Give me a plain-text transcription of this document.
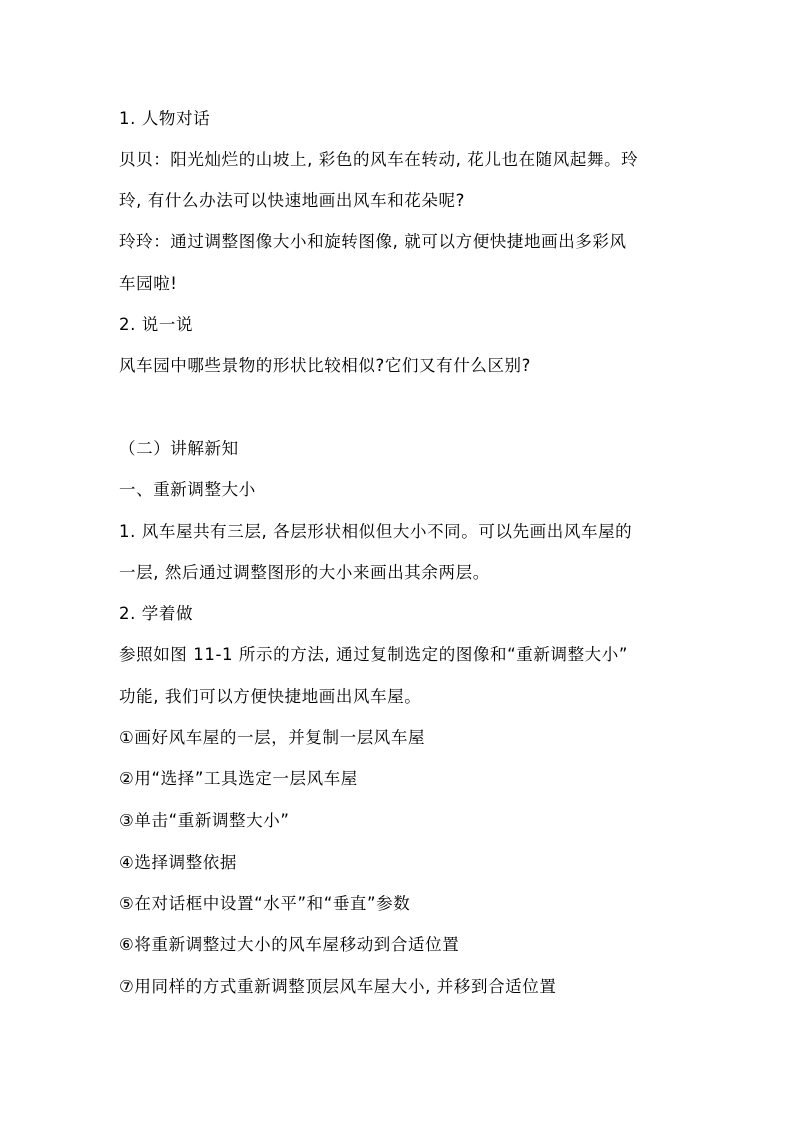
1. 人物对话
贝贝：阳光灿烂的山坡上, 彩色的风车在转动, 花儿也在随风起舞。玲
玲, 有什么办法可以快速地画出风车和花朵呢?
玲玲：通过调整图像大小和旋转图像, 就可以方便快捷地画出多彩风
车园啦!
2. 说一说
风车园中哪些景物的形状比较相似?它们又有什么区别?
（二）讲解新知
一、重新调整大小
1. 风车屋共有三层, 各层形状相似但大小不同。可以先画出风车屋的
一层, 然后通过调整图形的大小来画出其余两层。
2. 学着做
参照如图 11-1 所示的方法, 通过复制选定的图像和“重新调整大小”
功能, 我们可以方便快捷地画出风车屋。
①画好风车屋的一层，并复制一层风车屋
②用“选择”工具选定一层风车屋
③单击“重新调整大小”
④选择调整依据
⑤在对话框中设置“水平”和“垂直”参数
⑥将重新调整过大小的风车屋移动到合适位置
⑦用同样的方式重新调整顶层风车屋大小, 并移到合适位置
